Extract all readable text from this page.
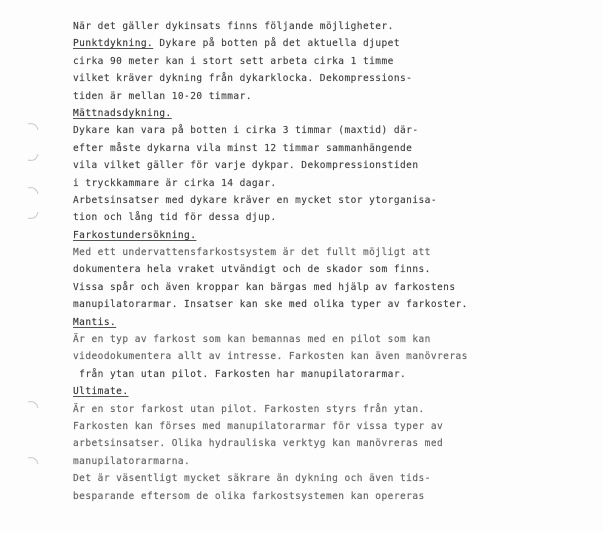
När det gäller dykinsats finns följande möjligheter.
Punktdykning. Dykare på botten på det aktuella djupet
cirka 90 meter kan i stort sett arbeta cirka 1 timme
vilket kräver dykning från dykarklocka. Dekompressions-
tiden är mellan 10-20 timmar.
Mättnadsdykning.
Dykare kan vara på botten i cirka 3 timmar (maxtid) där-
efter måste dykarna vila minst 12 timmar sammanhängende
vila vilket gäller för varje dykpar. Dekompressionstiden
i tryckkammare är cirka 14 dagar.
Arbetsinsatser med dykare kräver en mycket stor ytorganisa-
tion och lång tid för dessa djup.
Farkostundersökning.
Med ett undervattensfarkostsystem är det fullt möjligt att
dokumentera hela vraket utvändigt och de skador som finns.
Vissa spår och även kroppar kan bärgas med hjälp av farkostens
manupilatorarmar. Insatser kan ske med olika typer av farkoster.
Mantis.
Är en typ av farkost som kan bemannas med en pilot som kan
videodokumentera allt av intresse. Farkosten kan även manövreras
från ytan utan pilot. Farkosten har manupilatorarmar.
Ultimate.
Är en stor farkost utan pilot. Farkosten styrs från ytan.
Farkosten kan förses med manupilatorarmar för vissa typer av
arbetsinsatser. Olika hydrauliska verktyg kan manövreras med
manupilatorarmarna.
Det är väsentligt mycket säkrare än dykning och även tids-
besparande eftersom de olika farkostsystemen kan opereras
